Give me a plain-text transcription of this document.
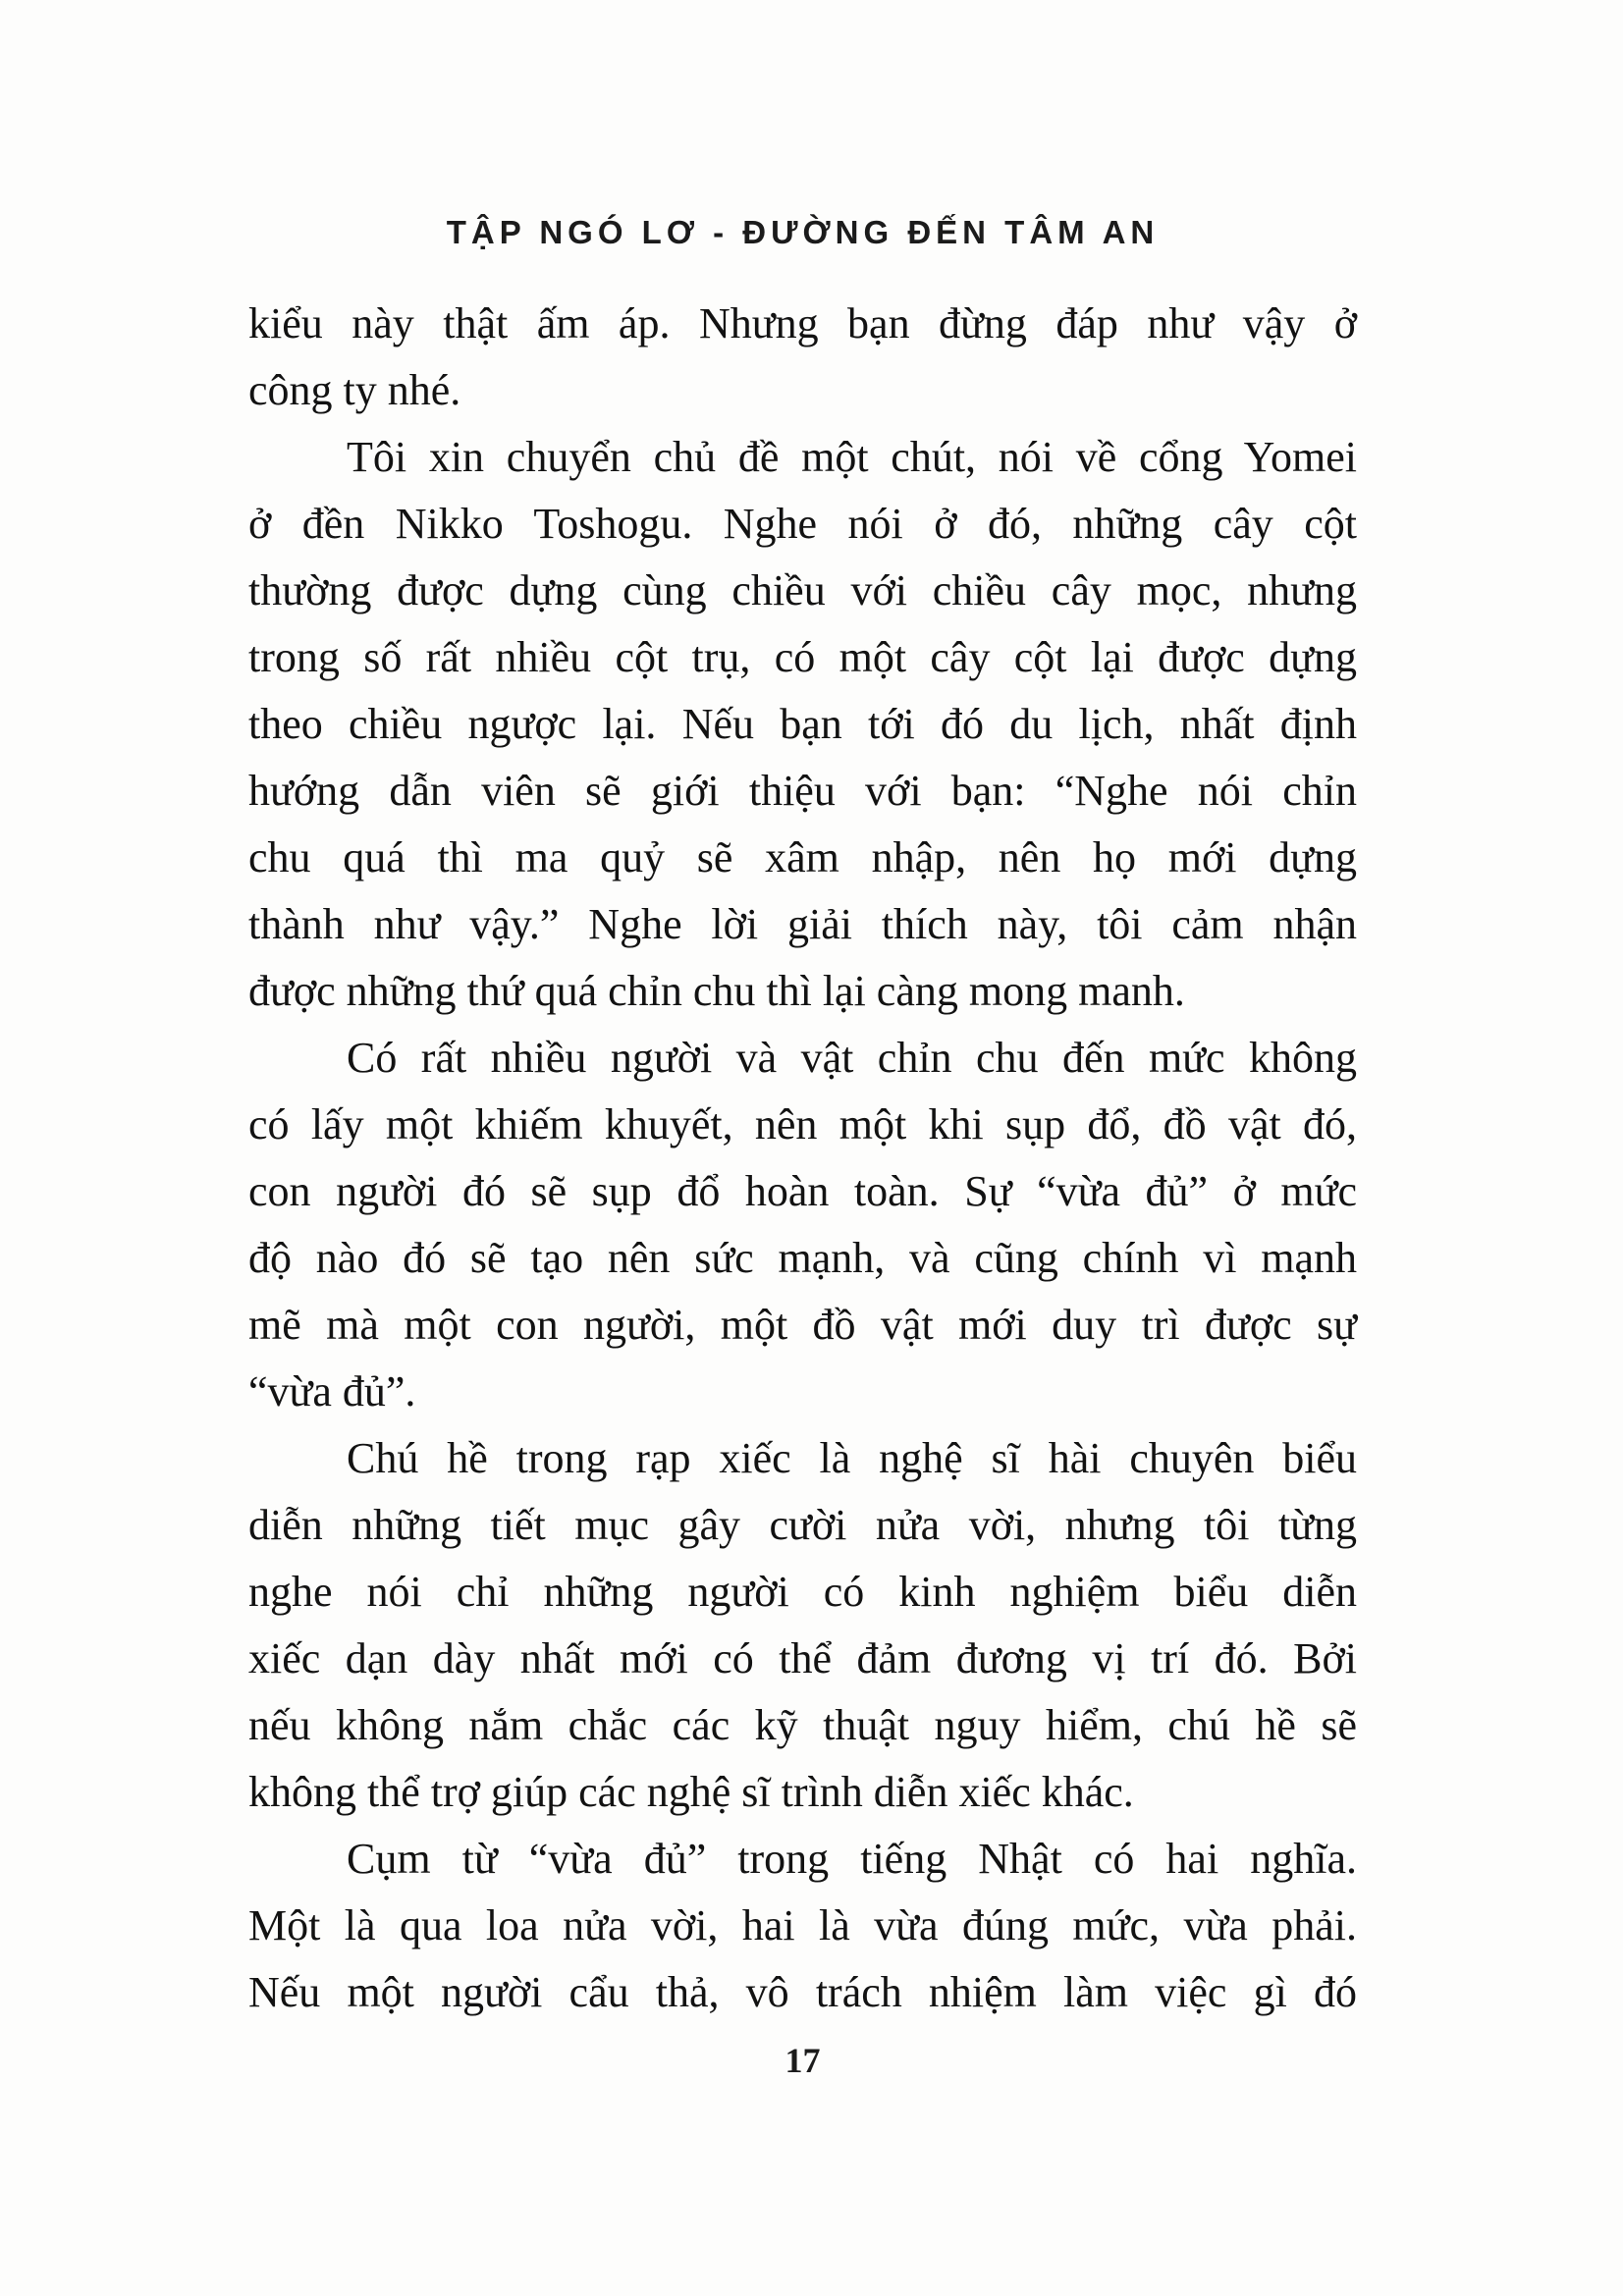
TẬP NGÓ LƠ - ĐƯỜNG ĐẾN TÂM AN
kiểu này thật ấm áp. Nhưng bạn đừng đáp như vậy ở
công ty nhé.
Tôi xin chuyển chủ đề một chút, nói về cổng Yomei
ở đền Nikko Toshogu. Nghe nói ở đó, những cây cột
thường được dựng cùng chiều với chiều cây mọc, nhưng
trong số rất nhiều cột trụ, có một cây cột lại được dựng
theo chiều ngược lại. Nếu bạn tới đó du lịch, nhất định
hướng dẫn viên sẽ giới thiệu với bạn: “Nghe nói chỉn
chu quá thì ma quỷ sẽ xâm nhập, nên họ mới dựng
thành như vậy.” Nghe lời giải thích này, tôi cảm nhận
được những thứ quá chỉn chu thì lại càng mong manh.
Có rất nhiều người và vật chỉn chu đến mức không
có lấy một khiếm khuyết, nên một khi sụp đổ, đồ vật đó,
con người đó sẽ sụp đổ hoàn toàn. Sự “vừa đủ” ở mức
độ nào đó sẽ tạo nên sức mạnh, và cũng chính vì mạnh
mẽ mà một con người, một đồ vật mới duy trì được sự
“vừa đủ”.
Chú hề trong rạp xiếc là nghệ sĩ hài chuyên biểu
diễn những tiết mục gây cười nửa vời, nhưng tôi từng
nghe nói chỉ những người có kinh nghiệm biểu diễn
xiếc dạn dày nhất mới có thể đảm đương vị trí đó. Bởi
nếu không nắm chắc các kỹ thuật nguy hiểm, chú hề sẽ
không thể trợ giúp các nghệ sĩ trình diễn xiếc khác.
Cụm từ “vừa đủ” trong tiếng Nhật có hai nghĩa.
Một là qua loa nửa vời, hai là vừa đúng mức, vừa phải.
Nếu một người cẩu thả, vô trách nhiệm làm việc gì đó
17
